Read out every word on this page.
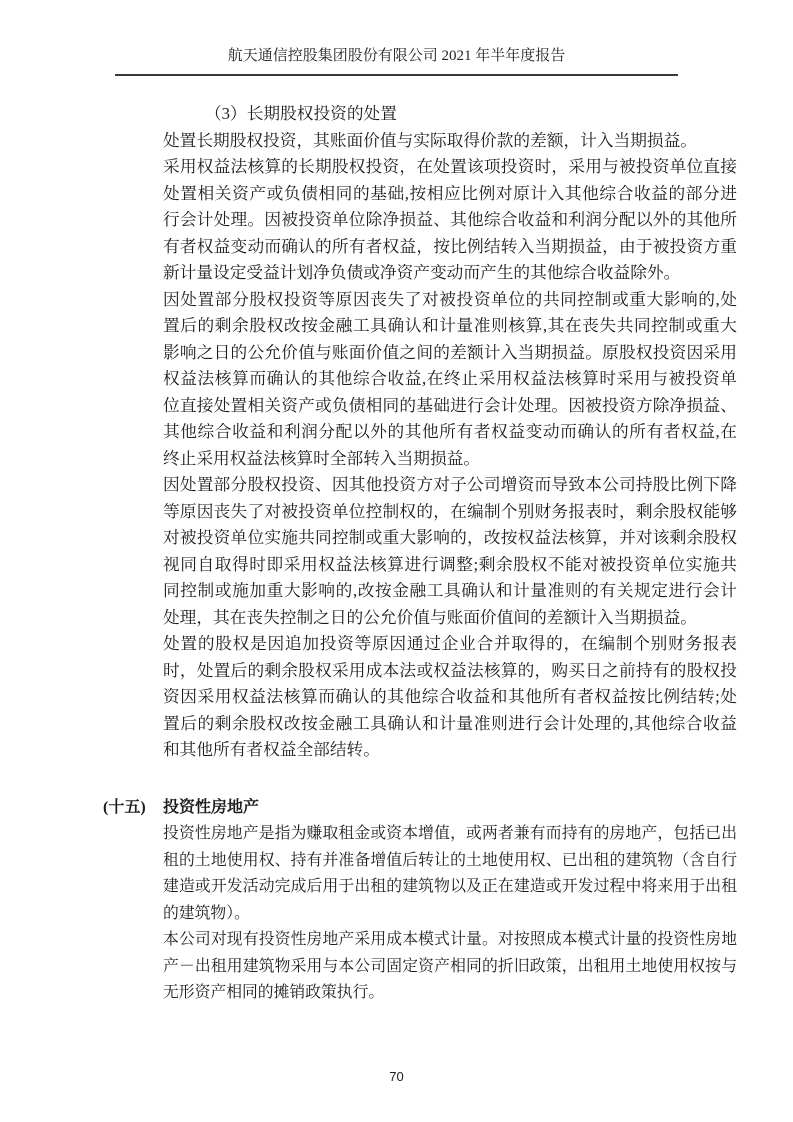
航天通信控股集团股份有限公司 2021 年半年度报告
（3）长期股权投资的处置
处置长期股权投资，其账面价值与实际取得价款的差额，计入当期损益。
采用权益法核算的长期股权投资，在处置该项投资时，采用与被投资单位直接
处置相关资产或负债相同的基础,按相应比例对原计入其他综合收益的部分进
行会计处理。因被投资单位除净损益、其他综合收益和利润分配以外的其他所
有者权益变动而确认的所有者权益，按比例结转入当期损益，由于被投资方重
新计量设定受益计划净负债或净资产变动而产生的其他综合收益除外。
因处置部分股权投资等原因丧失了对被投资单位的共同控制或重大影响的,处
置后的剩余股权改按金融工具确认和计量准则核算,其在丧失共同控制或重大
影响之日的公允价值与账面价值之间的差额计入当期损益。原股权投资因采用
权益法核算而确认的其他综合收益,在终止采用权益法核算时采用与被投资单
位直接处置相关资产或负债相同的基础进行会计处理。因被投资方除净损益、
其他综合收益和利润分配以外的其他所有者权益变动而确认的所有者权益,在
终止采用权益法核算时全部转入当期损益。
因处置部分股权投资、因其他投资方对子公司增资而导致本公司持股比例下降
等原因丧失了对被投资单位控制权的，在编制个别财务报表时，剩余股权能够
对被投资单位实施共同控制或重大影响的，改按权益法核算，并对该剩余股权
视同自取得时即采用权益法核算进行调整;剩余股权不能对被投资单位实施共
同控制或施加重大影响的,改按金融工具确认和计量准则的有关规定进行会计
处理，其在丧失控制之日的公允价值与账面价值间的差额计入当期损益。
处置的股权是因追加投资等原因通过企业合并取得的，在编制个别财务报表
时，处置后的剩余股权采用成本法或权益法核算的，购买日之前持有的股权投
资因采用权益法核算而确认的其他综合收益和其他所有者权益按比例结转;处
置后的剩余股权改按金融工具确认和计量准则进行会计处理的,其他综合收益
和其他所有者权益全部结转。
(十五)	投资性房地产
投资性房地产是指为赚取租金或资本增值，或两者兼有而持有的房地产，包括已出
租的土地使用权、持有并准备增值后转让的土地使用权、已出租的建筑物（含自行
建造或开发活动完成后用于出租的建筑物以及正在建造或开发过程中将来用于出租
的建筑物）。
本公司对现有投资性房地产采用成本模式计量。对按照成本模式计量的投资性房地
产－出租用建筑物采用与本公司固定资产相同的折旧政策，出租用土地使用权按与
无形资产相同的摊销政策执行。
70
